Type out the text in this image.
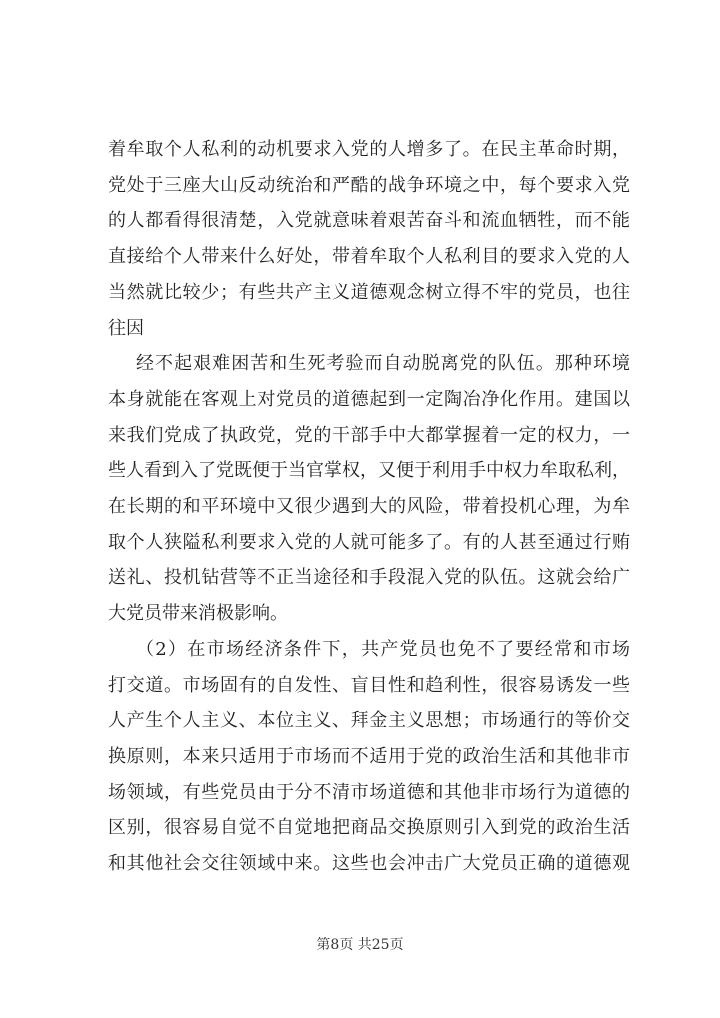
着牟取个人私利的动机要求入党的人增多了。在民主革命时期，
党处于三座大山反动统治和严酷的战争环境之中，每个要求入党
的人都看得很清楚，入党就意味着艰苦奋斗和流血牺牲，而不能
直接给个人带来什么好处，带着牟取个人私利目的要求入党的人
当然就比较少；有些共产主义道德观念树立得不牢的党员，也往
往因
经不起艰难困苦和生死考验而自动脱离党的队伍。那种环境
本身就能在客观上对党员的道德起到一定陶冶净化作用。建国以
来我们党成了执政党，党的干部手中大都掌握着一定的权力，一
些人看到入了党既便于当官掌权，又便于利用手中权力牟取私利，
在长期的和平环境中又很少遇到大的风险，带着投机心理，为牟
取个人狭隘私利要求入党的人就可能多了。有的人甚至通过行贿
送礼、投机钻营等不正当途径和手段混入党的队伍。这就会给广
大党员带来消极影响。
（2）在市场经济条件下，共产党员也免不了要经常和市场
打交道。市场固有的自发性、盲目性和趋利性，很容易诱发一些
人产生个人主义、本位主义、拜金主义思想；市场通行的等价交
换原则，本来只适用于市场而不适用于党的政治生活和其他非市
场领域，有些党员由于分不清市场道德和其他非市场行为道德的
区别，很容易自觉不自觉地把商品交换原则引入到党的政治生活
和其他社会交往领域中来。这些也会冲击广大党员正确的道德观
第8页 共25页
